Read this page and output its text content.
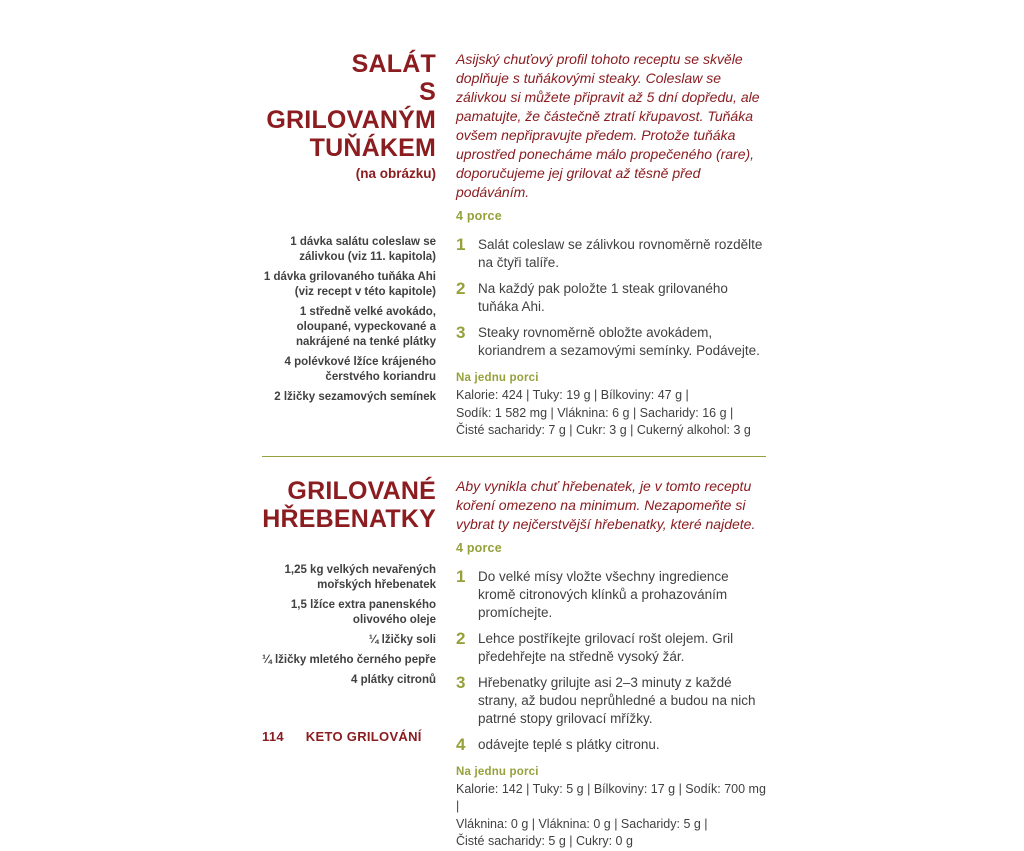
SALÁT
S GRILOVANÝM
TUŇÁKEM
(na obrázku)
1 dávka salátu coleslaw se zálivkou (viz 11. kapitola)
1 dávka grilovaného tuňáka Ahi (viz recept v této kapitole)
1 středně velké avokádo, oloupané, vypeckované a nakrájené na tenké plátky
4 polévkové lžíce krájeného čerstvého koriandru
2 lžičky sezamových semínek

Asijský chuťový profil tohoto receptu se skvěle doplňuje s tuňákovými steaky. Coleslaw se zálivkou si můžete připravit až 5 dní dopředu, ale pamatujte, že částečně ztratí křupavost. Tuňáka ovšem nepřipravujte předem. Protože tuňáka uprostřed ponecháme málo propečeného (rare), doporučujeme jej grilovat až těsně před podáváním.

4 porce
1 Salát coleslaw se zálivkou rovnoměrně rozdělte na čtyři talíře.
2 Na každý pak položte 1 steak grilovaného tuňáka Ahi.
3 Steaky rovnoměrně obložte avokádem, koriandrem a sezamovými semínky. Podávejte.
Na jednu porci
Kalorie: 424 | Tuky: 19 g | Bílkoviny: 47 g |
Sodík: 1 582 mg | Vláknina: 6 g | Sacharidy: 16 g |
Čisté sacharidy: 7 g | Cukr: 3 g | Cukerný alkohol: 3 g
GRILOVANÉ
HŘEBENATKY
1,25 kg velkých nevařených mořských hřebenatek
1,5 lžíce extra panenského olivového oleje
¼ lžičky soli
¼ lžičky mletého černého pepře
4 plátky citronů

Aby vynikla chuť hřebenatek, je v tomto receptu koření omezeno na minimum. Nezapomeňte si vybrat ty nejčerstvější hřebenatky, které najdete.

4 porce
1 Do velké mísy vložte všechny ingredience kromě citronových klínků a prohazováním promíchejte.
2 Lehce postříkejte grilovací rošt olejem. Gril předehřejte na středně vysoký žár.
3 Hřebenatky grilujte asi 2–3 minuty z každé strany, až budou neprůhledné a budou na nich patrné stopy grilovací mřížky.
4 odávejte teplé s plátky citronu.
Na jednu porci
Kalorie: 142 | Tuky: 5 g | Bílkoviny: 17 g | Sodík: 700 mg |
Vláknina: 0 g | Vláknina: 0 g | Sacharidy: 5 g |
Čisté sacharidy: 5 g | Cukry: 0 g
114 KETO GRILOVÁNÍ
